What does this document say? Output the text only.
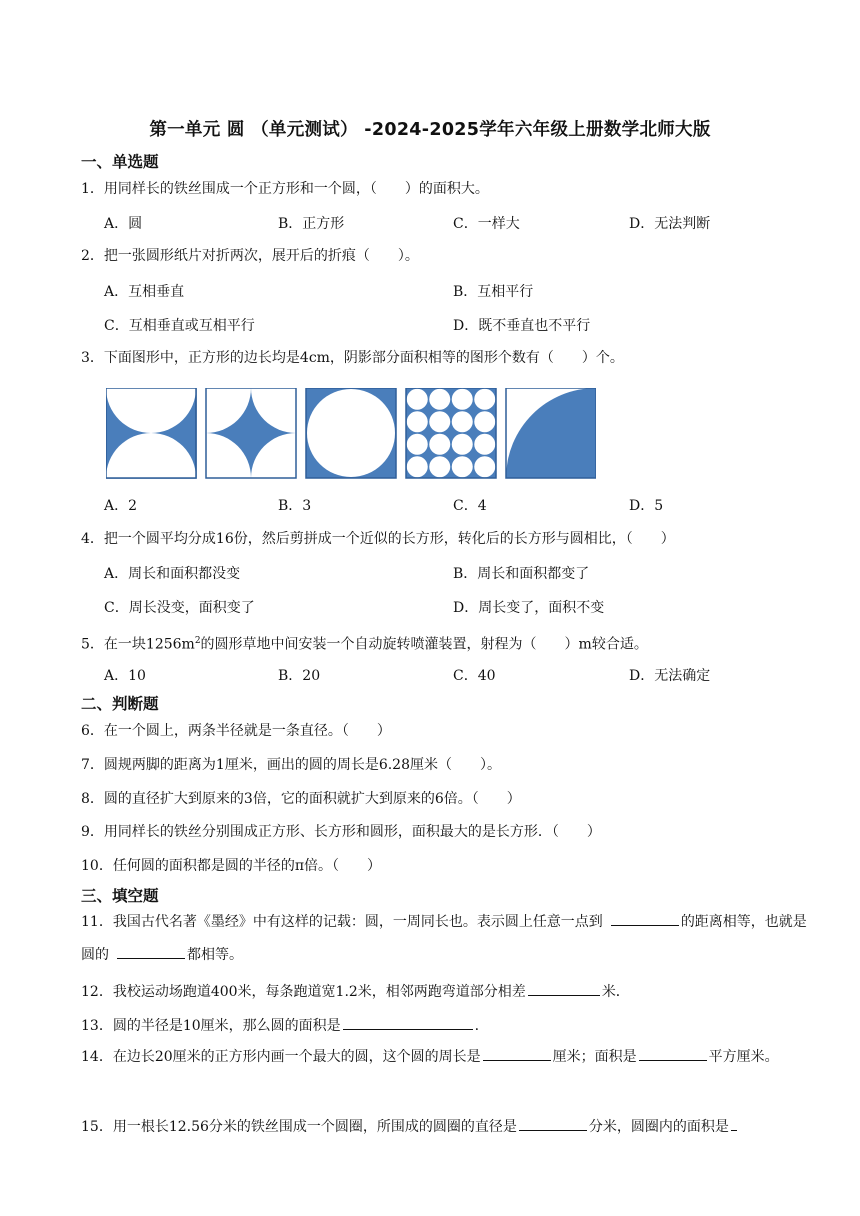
第一单元 圆 （单元测试） -2024-2025学年六年级上册数学北师大版
一、单选题
1．用同样长的铁丝围成一个正方形和一个圆，（　　）的面积大。
A．圆	B．正方形	C．一样大	D．无法判断
2．把一张圆形纸片对折两次，展开后的折痕（　　）。
A．互相垂直	B．互相平行
C．互相垂直或互相平行	D．既不垂直也不平行
3．下面图形中，正方形的边长均是4cm，阴影部分面积相等的图形个数有（　　）个。
A．2	B．3	C．4	D．5
4．把一个圆平均分成16份，然后剪拼成一个近似的长方形，转化后的长方形与圆相比，（　　）
A．周长和面积都没变	B．周长和面积都变了
C．周长没变，面积变了	D．周长变了，面积不变
5．在一块$1256m^2$的圆形草地中间安装一个自动旋转喷灌装置，射程为（　　）m较合适。
A．10	B．20	C．40	D．无法确定
二、判断题
6．在一个圆上，两条半径就是一条直径。（　　）
7．圆规两脚的距离为1厘米，画出的圆的周长是6.28厘米（　　）。
8．圆的直径扩大到原来的3倍，它的面积就扩大到原来的6倍。（　　）
9．用同样长的铁丝分别围成正方形、长方形和圆形，面积最大的是长方形．（　　）
10．任何圆的面积都是圆的半径的π倍。（　　）
三、填空题
11．我国古代名著《墨经》中有这样的记载：圆，一周同长也。表示圆上任意一点到	的距离相等，也就是圆的	都相等。
12．我校运动场跑道400米，每条跑道宽1.2米，相邻两跑弯道部分相差	米．
13．圆的半径是10厘米，那么圆的面积是	.
14．在边长20厘米的正方形内画一个最大的圆，这个圆的周长是	厘米；面积是	平方厘米。
15．用一根长12.56分米的铁丝围成一个圆圈，所围成的圆圈的直径是	分米，圆圈内的面积是
